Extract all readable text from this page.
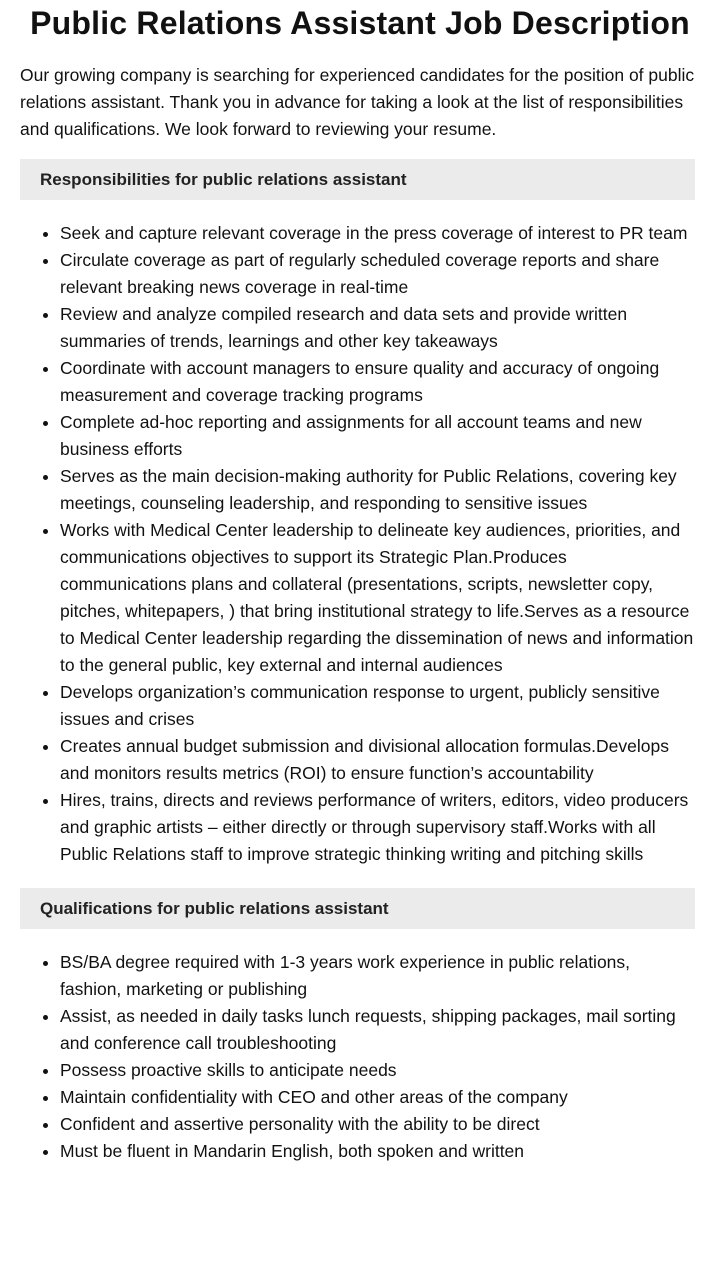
Public Relations Assistant Job Description

Our growing company is searching for experienced candidates for the position of public relations assistant. Thank you in advance for taking a look at the list of responsibilities and qualifications. We look forward to reviewing your resume.

Responsibilities for public relations assistant
• Seek and capture relevant coverage in the press coverage of interest to PR team
• Circulate coverage as part of regularly scheduled coverage reports and share relevant breaking news coverage in real-time
• Review and analyze compiled research and data sets and provide written summaries of trends, learnings and other key takeaways
• Coordinate with account managers to ensure quality and accuracy of ongoing measurement and coverage tracking programs
• Complete ad-hoc reporting and assignments for all account teams and new business efforts
• Serves as the main decision-making authority for Public Relations, covering key meetings, counseling leadership, and responding to sensitive issues
• Works with Medical Center leadership to delineate key audiences, priorities, and communications objectives to support its Strategic Plan.Produces communications plans and collateral (presentations, scripts, newsletter copy, pitches, whitepapers, ) that bring institutional strategy to life.Serves as a resource to Medical Center leadership regarding the dissemination of news and information to the general public, key external and internal audiences
• Develops organization’s communication response to urgent, publicly sensitive issues and crises
• Creates annual budget submission and divisional allocation formulas.Develops and monitors results metrics (ROI) to ensure function’s accountability
• Hires, trains, directs and reviews performance of writers, editors, video producers and graphic artists – either directly or through supervisory staff.Works with all Public Relations staff to improve strategic thinking writing and pitching skills
Qualifications for public relations assistant
• BS/BA degree required with 1-3 years work experience in public relations, fashion, marketing or publishing
• Assist, as needed in daily tasks lunch requests, shipping packages, mail sorting and conference call troubleshooting
• Possess proactive skills to anticipate needs
• Maintain confidentiality with CEO and other areas of the company
• Confident and assertive personality with the ability to be direct
• Must be fluent in Mandarin English, both spoken and written
